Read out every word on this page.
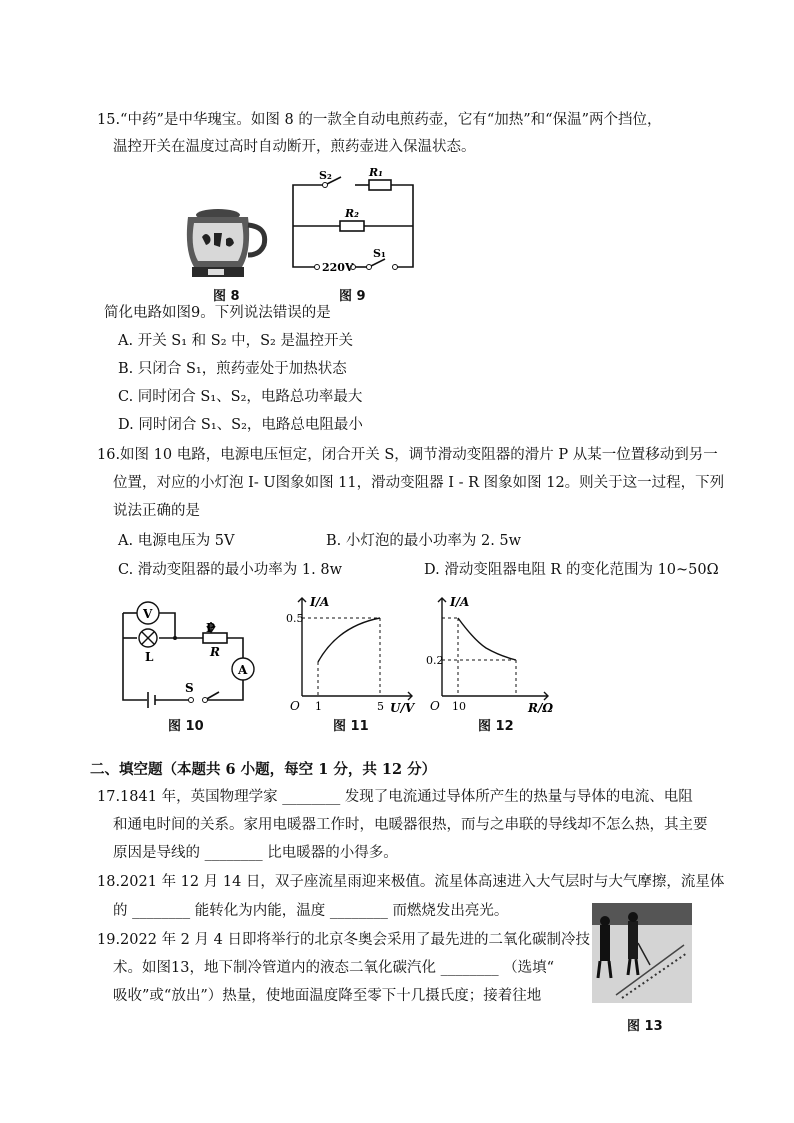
15.“中药”是中华瑰宝。如图 8 的一款全自动电煎药壶，它有“加热”和“保温”两个挡位，
温控开关在温度过高时自动断开，煎药壶进入保温状态。
图 8
S₂	R₁
R₂
220V
S₁
图 9
简化电路如图9。下列说法错误的是
A. 开关 S₁ 和 S₂ 中，S₂ 是温控开关
B. 只闭合 S₁，煎药壶处于加热状态
C. 同时闭合 S₁、S₂，电路总功率最大
D. 同时闭合 S₁、S₂，电路总电阻最小
16.如图 10 电路，电源电压恒定，闭合开关 S，调节滑动变阻器的滑片 P 从某一位置移动到另一
位置，对应的小灯泡 I- U图象如图 11，滑动变阻器 I - R 图象如图 12。则关于这一过程，下列
说法正确的是
A. 电源电压为 5V	B. 小灯泡的最小功率为 2. 5w
C. 滑动变阻器的最小功率为 1. 8w	D. 滑动变阻器电阻 R 的变化范围为 10~50Ω
V
L
P
R
A
S
图 10
I/A
U/V
O
0.5
1	5
图 11
I/A
R/Ω
O
0.2
10
图 12
二、填空题（本题共 6 小题，每空 1 分，共 12 分）
17.1841 年，英国物理学家 ________ 发现了电流通过导体所产生的热量与导体的电流、电阻
和通电时间的关系。家用电暖器工作时，电暖器很热，而与之串联的导线却不怎么热，其主要
原因是导线的 ________ 比电暖器的小得多。
18.2021 年 12 月 14 日，双子座流星雨迎来极值。流星体高速进入大气层时与大气摩擦，流星体
的 ________ 能转化为内能，温度 ________ 而燃烧发出亮光。
19.2022 年 2 月 4 日即将举行的北京冬奥会采用了最先进的二氧化碳制冷技
术。如图13，地下制冷管道内的液态二氧化碳汽化 ________ （选填“
吸收”或“放出”）热量，使地面温度降至零下十几摄氏度；接着往地
图 13
